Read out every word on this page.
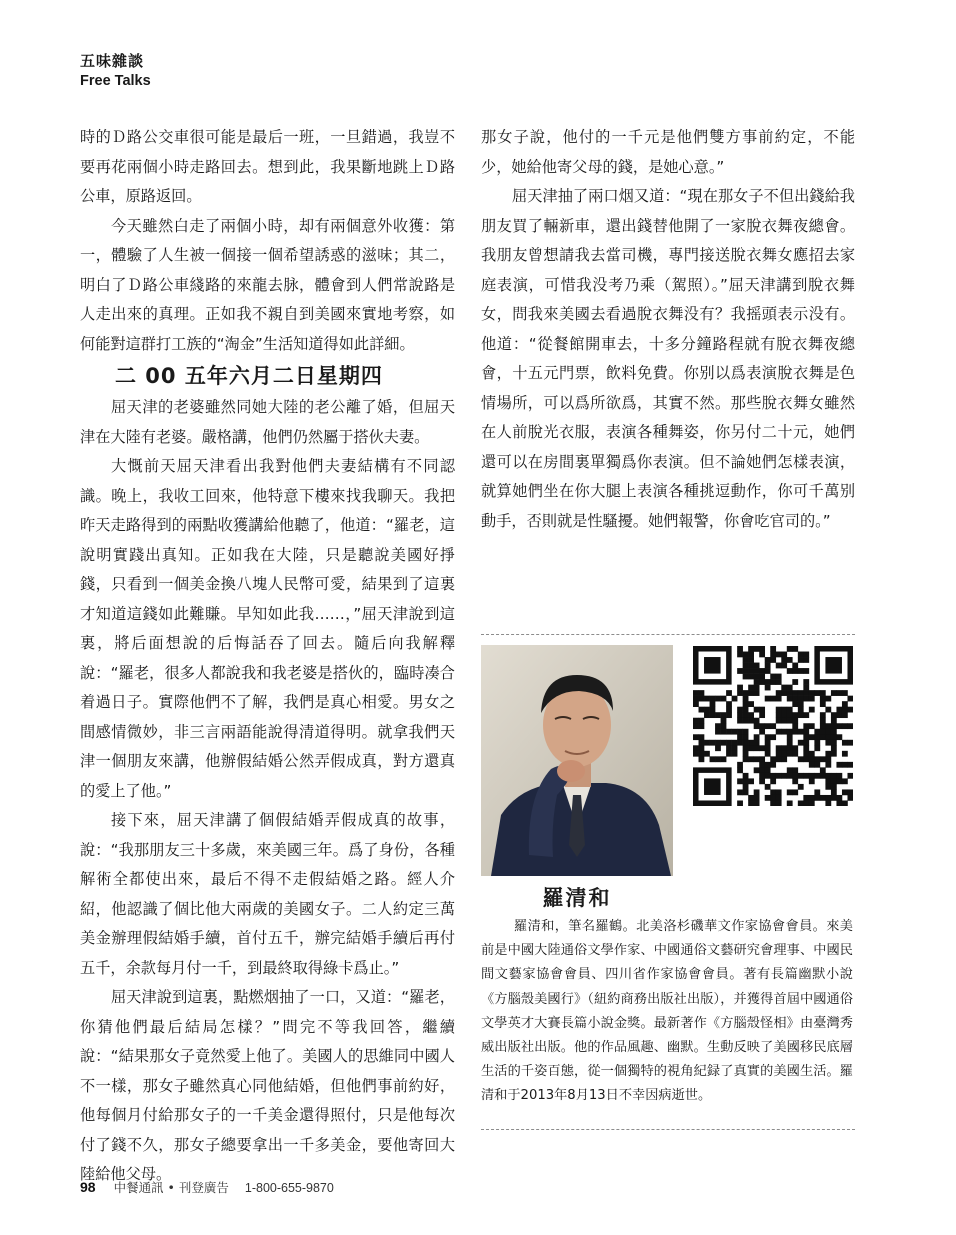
五味雜談
Free Talks

時的Ｄ路公交車很可能是最后一班，一旦錯過，我豈不要再花兩個小時走路回去。想到此，我果斷地跳上Ｄ路公車，原路返回。

今天雖然白走了兩個小時，却有兩個意外收獲：第一，體驗了人生被一個接一個希望誘惑的滋味；其二，明白了Ｄ路公車綫路的來龍去脉，體會到人們常說路是人走出來的真理。正如我不親自到美國來實地考察，如何能對這群打工族的“淘金”生活知道得如此詳細。

二 00 五年六月二日星期四

屈天津的老婆雖然同她大陸的老公離了婚，但屈天津在大陸有老婆。嚴格講，他們仍然屬于搭伙夫妻。

大慨前天屈天津看出我對他們夫妻結構有不同認識。晚上，我收工回來，他特意下樓來找我聊天。我把昨天走路得到的兩點收獲講給他聽了，他道：“羅老，這說明實踐出真知。正如我在大陸，只是聽說美國好掙錢，只看到一個美金換八塊人民幣可愛，結果到了這裏才知道這錢如此難賺。早知如此我……，”屈天津說到這裏，將后面想說的后悔話吞了回去。隨后向我解釋說：“羅老，很多人都說我和我老婆是搭伙的，臨時凑合着過日子。實際他們不了解，我們是真心相愛。男女之間感情微妙，非三言兩語能說得清道得明。就拿我們天津一個朋友來講，他辦假結婚公然弄假成真，對方還真的愛上了他。”

接下來，屈天津講了個假結婚弄假成真的故事，說：“我那朋友三十多歲，來美國三年。爲了身份，各種解術全都使出來，最后不得不走假結婚之路。經人介紹，他認識了個比他大兩歲的美國女子。二人約定三萬美金辦理假結婚手續，首付五千，辦完結婚手續后再付五千，余款每月付一千，到最終取得綠卡爲止。”

屈天津說到這裏，點燃烟抽了一口，又道：“羅老，你猜他們最后結局怎樣？”問完不等我回答，繼續說：“結果那女子竟然愛上他了。美國人的思維同中國人不一樣，那女子雖然真心同他結婚，但他們事前約好，他每個月付給那女子的一千美金還得照付，只是他每次付了錢不久，那女子總要拿出一千多美金，要他寄回大陸給他父母。

那女子說，他付的一千元是他們雙方事前約定，不能少，她給他寄父母的錢，是她心意。”

屈天津抽了兩口烟又道：“現在那女子不但出錢給我朋友買了輛新車，還出錢替他開了一家脫衣舞夜總會。我朋友曾想請我去當司機，專門接送脫衣舞女應招去家庭表演，可惜我没考乃乘（駕照）。”屈天津講到脫衣舞女，問我來美國去看過脫衣舞没有？我摇頭表示没有。他道：“從餐館開車去，十多分鐘路程就有脫衣舞夜總會，十五元門票，飲料免費。你别以爲表演脫衣舞是色情場所，可以爲所欲爲，其實不然。那些脫衣舞女雖然在人前脫光衣服，表演各種舞姿，你另付二十元，她們還可以在房間裏單獨爲你表演。但不論她們怎樣表演，就算她們坐在你大腿上表演各種挑逗動作，你可千萬别動手，否則就是性騷擾。她們報警，你會吃官司的。”

羅清和
羅清和，筆名羅鶴。北美洛杉磯華文作家協會會員。來美前是中國大陸通俗文學作家、中國通俗文藝研究會理事、中國民間文藝家協會會員、四川省作家協會會員。著有長篇幽默小說《方腦殼美國行》（紐約商務出版社出版），并獲得首屆中國通俗文學英才大賽長篇小說金獎。最新著作《方腦殼怪相》由臺灣秀威出版社出版。他的作品風趣、幽默。生動反映了美國移民底層生活的千姿百態，從一個獨特的視角紀録了真實的美國生活。羅清和于2013年8月13日不幸因病逝世。
98 中餐通訊 • 刊登廣告 1-800-655-9870
